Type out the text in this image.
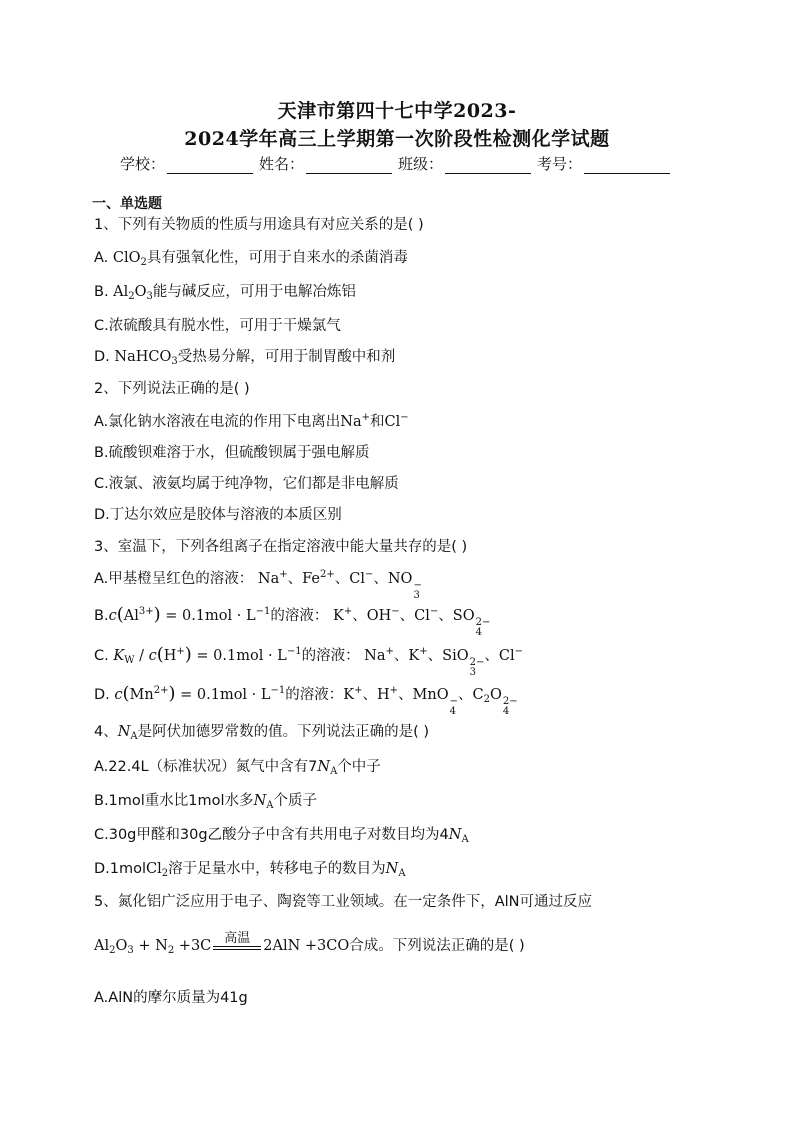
天津市第四十七中学2023-
2024学年高三上学期第一次阶段性检测化学试题
学校：	姓名：	班级：	考号：
一、单选题
1、下列有关物质的性质与用途具有对应关系的是( )
A. ClO$_2$具有强氧化性，可用于自来水的杀菌消毒
B. $Al_2O_3$能与碱反应，可用于电解冶炼铝
C.浓硫酸具有脱水性，可用于干燥氯气
D. NaHCO$_3$受热易分解，可用于制胃酸中和剂
2、下列说法正确的是( )
A.氯化钠水溶液在电流的作用下电离出Na+和Cl−
B.硫酸钡难溶于水，但硫酸钡属于强电解质
C.液氯、液氨均属于纯净物，它们都是非电解质
D.丁达尔效应是胶体与溶液的本质区别
3、室温下，下列各组离子在指定溶液中能大量共存的是( )
A.甲基橙呈红色的溶液： Na+、$Fe^{2+}$、Cl−、NO −
3
$B.c(Al^{3+}) = 0.1mol \cdot L^{-1}$的溶液： K+、OH−、Cl−、SO 2−
4
C. $K_W / c(H^+) = 0.1mol \cdot L^{-1}$的溶液： Na+、K+、SiO 2−
3
、Cl−
D. $c(Mn^{2+}) = 0.1mol \cdot L^{-1}$的溶液：K+、H+、MnO −
4
、$C_2O$ 2−
4
4、$N_A$是阿伏加德罗常数的值。下列说法正确的是( )
A.22.4L（标准状况）氮气中含有$7N_A$个中子
B.1mol重水比1mol水多$N_A$个质子
C.30g甲醛和30g乙酸分子中含有共用电子对数目均为$4N_A$
D.1molCl$_2$溶于足量水中，转移电子的数目为$N_A$
5、氮化铝广泛应用于电子、陶瓷等工业领域。在一定条件下，AlN可通过反应
$Al_2O_3 + N_2 +3C$ 高温 2AlN +3CO 合成。下列说法正确的是( )
A.AlN的摩尔质量为41g
